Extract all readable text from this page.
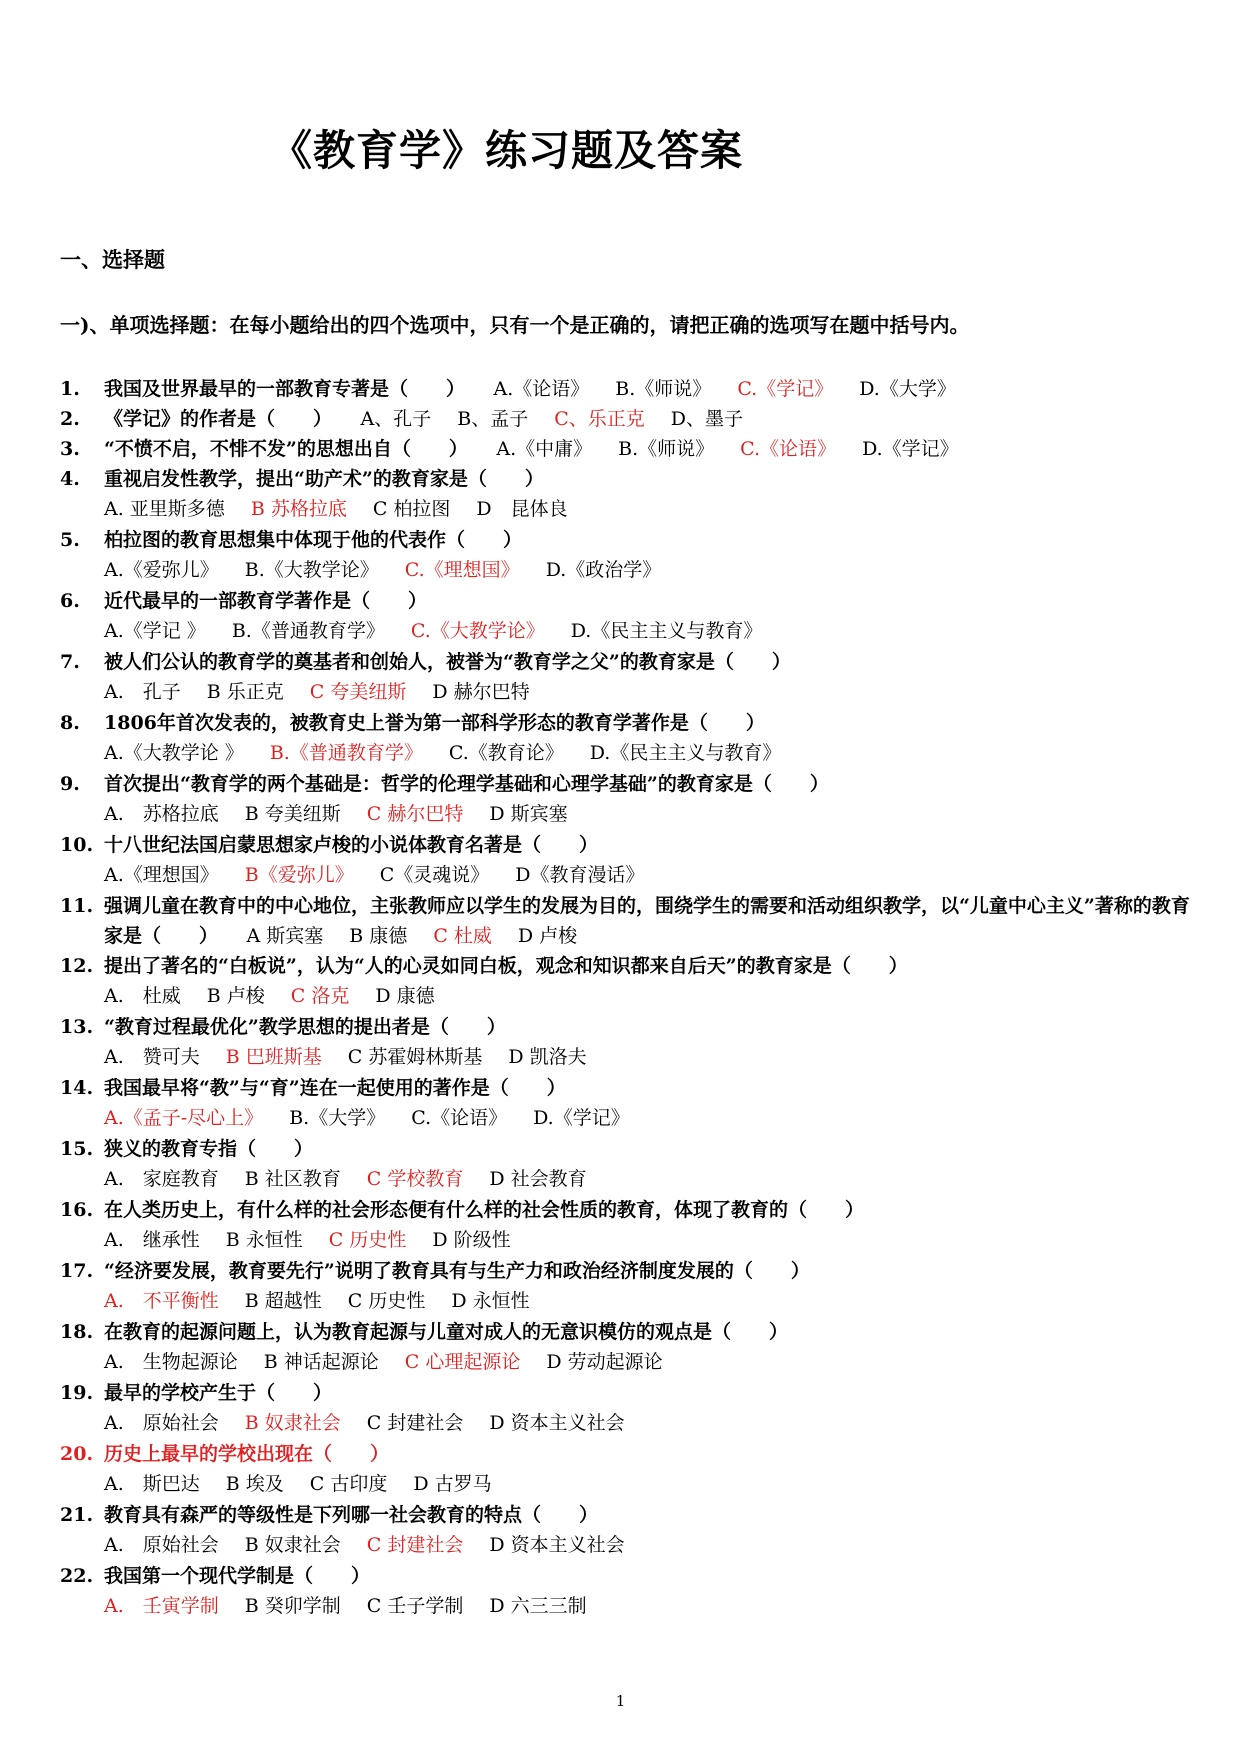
《教育学》练习题及答案
一、选择题
一)、单项选择题：在每小题给出的四个选项中，只有一个是正确的，请把正确的选项写在题中括号内。
1.	我国及世界最早的一部教育专著是（　　）　　 A.《论语》 B.《师说》 C.《学记》 D.《大学》
2.	《学记》的作者是（　　）　　 A、孔子 B、孟子 C、乐正克 D、墨子
3.	“不愤不启，不悱不发”的思想出自（　　）　　 A.《中庸》 B.《师说》 C.《论语》 D.《学记》
4.	重视启发性教学，提出“助产术”的教育家是（　　）
A. 亚里斯多德 B 苏格拉底 C 柏拉图 D　昆体良
5.	柏拉图的教育思想集中体现于他的代表作（　　）
A.《爱弥儿》 B.《大教学论》 C.《理想国》 D.《政治学》
6.	近代最早的一部教育学著作是（　　）
A.《学记 》 B.《普通教育学》 C.《大教学论》 D.《民主主义与教育》
7.	被人们公认的教育学的奠基者和创始人，被誉为“教育学之父”的教育家是（　　）
A.　孔子 B 乐正克 C 夸美纽斯 D 赫尔巴特
8.	1806年首次发表的，被教育史上誉为第一部科学形态的教育学著作是（　　）
A.《大教学论 》 B.《普通教育学》 C.《教育论》 D.《民主主义与教育》
9.	首次提出“教育学的两个基础是：哲学的伦理学基础和心理学基础”的教育家是（　　）
A.　苏格拉底 B 夸美纽斯 C 赫尔巴特 D 斯宾塞
10. 十八世纪法国启蒙思想家卢梭的小说体教育名著是（　　）
A.《理想国》 B《爱弥儿》 C《灵魂说》 D《教育漫话》
11. 强调儿童在教育中的中心地位，主张教师应以学生的发展为目的，围绕学生的需要和活动组织教学，以“儿童中心主义”著称的教育家是（　　）　　 A 斯宾塞 B 康德 C 杜威 D 卢梭
12. 提出了著名的“白板说”，认为“人的心灵如同白板，观念和知识都来自后天”的教育家是（　　）
A.　杜威 B 卢梭 C 洛克 D 康德
13. “教育过程最优化”教学思想的提出者是（　　）
A.　赞可夫 B 巴班斯基 C 苏霍姆林斯基 D 凯洛夫
14. 我国最早将“教”与“育”连在一起使用的著作是（　　）
A.《孟子-尽心上》 B.《大学》 C.《论语》 D.《学记》
15. 狭义的教育专指（　　）
A.　家庭教育 B 社区教育 C 学校教育 D 社会教育
16. 在人类历史上，有什么样的社会形态便有什么样的社会性质的教育，体现了教育的（　　）
A.　继承性 B 永恒性 C 历史性 D 阶级性
17. “经济要发展，教育要先行”说明了教育具有与生产力和政治经济制度发展的（　　）
A.　不平衡性 B 超越性 C 历史性 D 永恒性
18. 在教育的起源问题上，认为教育起源与儿童对成人的无意识模仿的观点是（　　）
A.　生物起源论 B 神话起源论 C 心理起源论 D 劳动起源论
19. 最早的学校产生于（　　）
A.　原始社会 B 奴隶社会 C 封建社会 D 资本主义社会
20. 历史上最早的学校出现在（　　）
A.　斯巴达 B 埃及 C 古印度 D 古罗马
21. 教育具有森严的等级性是下列哪一社会教育的特点（　　）
A.　原始社会 B 奴隶社会 C 封建社会 D 资本主义社会
22. 我国第一个现代学制是（　　）
A.　壬寅学制 B 癸卯学制 C 壬子学制 D 六三三制
1
